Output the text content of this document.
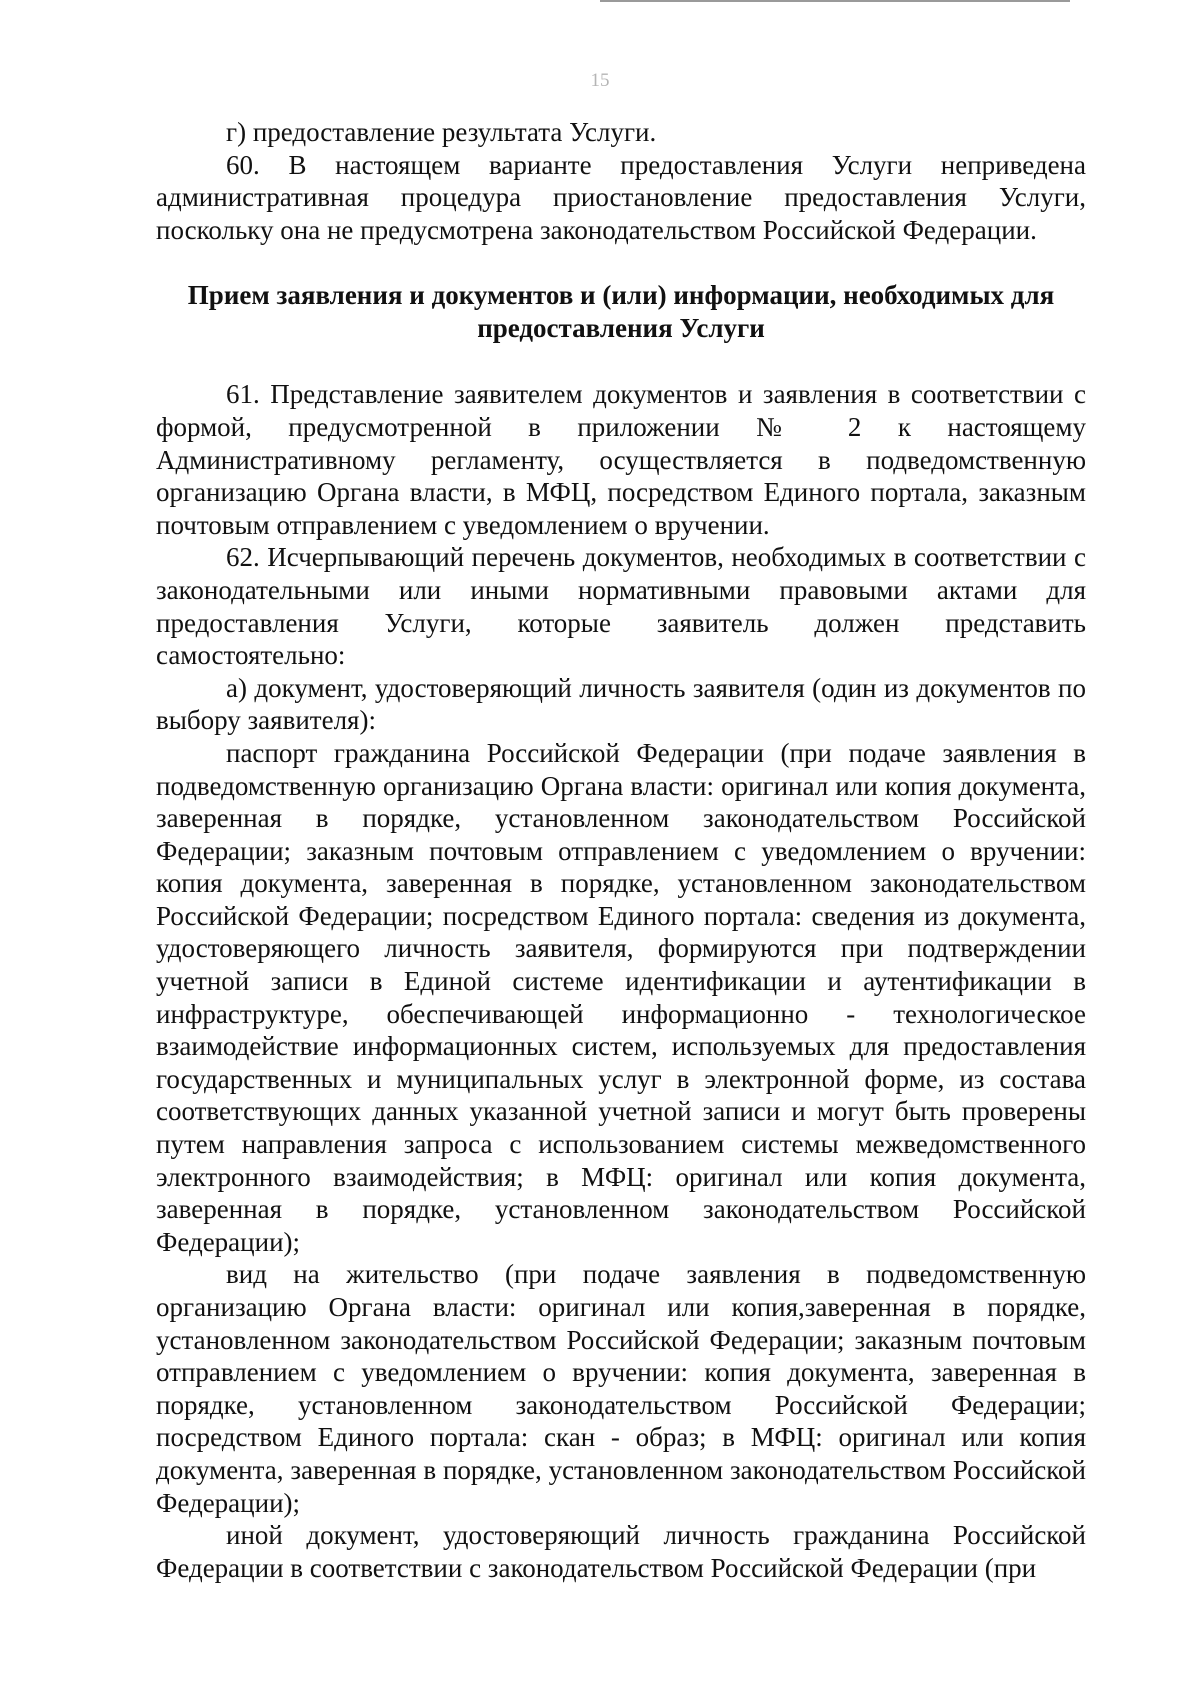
15

г) предоставление результата Услуги.

60. В настоящем варианте предоставления Услуги неприведена административная процедура приостановление предоставления Услуги, поскольку она не предусмотрена законодательством Российской Федерации.

Прием заявления и документов и (или) информации, необходимых для предоставления Услуги

61. Представление заявителем документов и заявления в соответствии с формой, предусмотренной в приложении № 2 к настоящему Административному регламенту, осуществляется в подведомственную организацию Органа власти, в МФЦ, посредством Единого портала, заказным почтовым отправлением с уведомлением о вручении.

62. Исчерпывающий перечень документов, необходимых в соответствии с законодательными или иными нормативными правовыми актами для предоставления Услуги, которые заявитель должен представить самостоятельно:

а) документ, удостоверяющий личность заявителя (один из документов по выбору заявителя):

паспорт гражданина Российской Федерации (при подаче заявления в подведомственную организацию Органа власти: оригинал или копия документа, заверенная в порядке, установленном законодательством Российской Федерации; заказным почтовым отправлением с уведомлением о вручении: копия документа, заверенная в порядке, установленном законодательством Российской Федерации; посредством Единого портала: сведения из документа, удостоверяющего личность заявителя, формируются при подтверждении учетной записи в Единой системе идентификации и аутентификации в инфраструктуре, обеспечивающей информационно - технологическое взаимодействие информационных систем, используемых для предоставления государственных и муниципальных услуг в электронной форме, из состава соответствующих данных указанной учетной записи и могут быть проверены путем направления запроса с использованием системы межведомственного электронного взаимодействия; в МФЦ: оригинал или копия документа, заверенная в порядке, установленном законодательством Российской Федерации);

вид на жительство (при подаче заявления в подведомственную организацию Органа власти: оригинал или копия,заверенная в порядке, установленном законодательством Российской Федерации; заказным почтовым отправлением с уведомлением о вручении: копия документа, заверенная в порядке, установленном законодательством Российской Федерации; посредством Единого портала: скан - образ; в МФЦ: оригинал или копия документа, заверенная в порядке, установленном законодательством Российской Федерации);

иной документ, удостоверяющий личность гражданина Российской Федерации в соответствии с законодательством Российской Федерации (при
